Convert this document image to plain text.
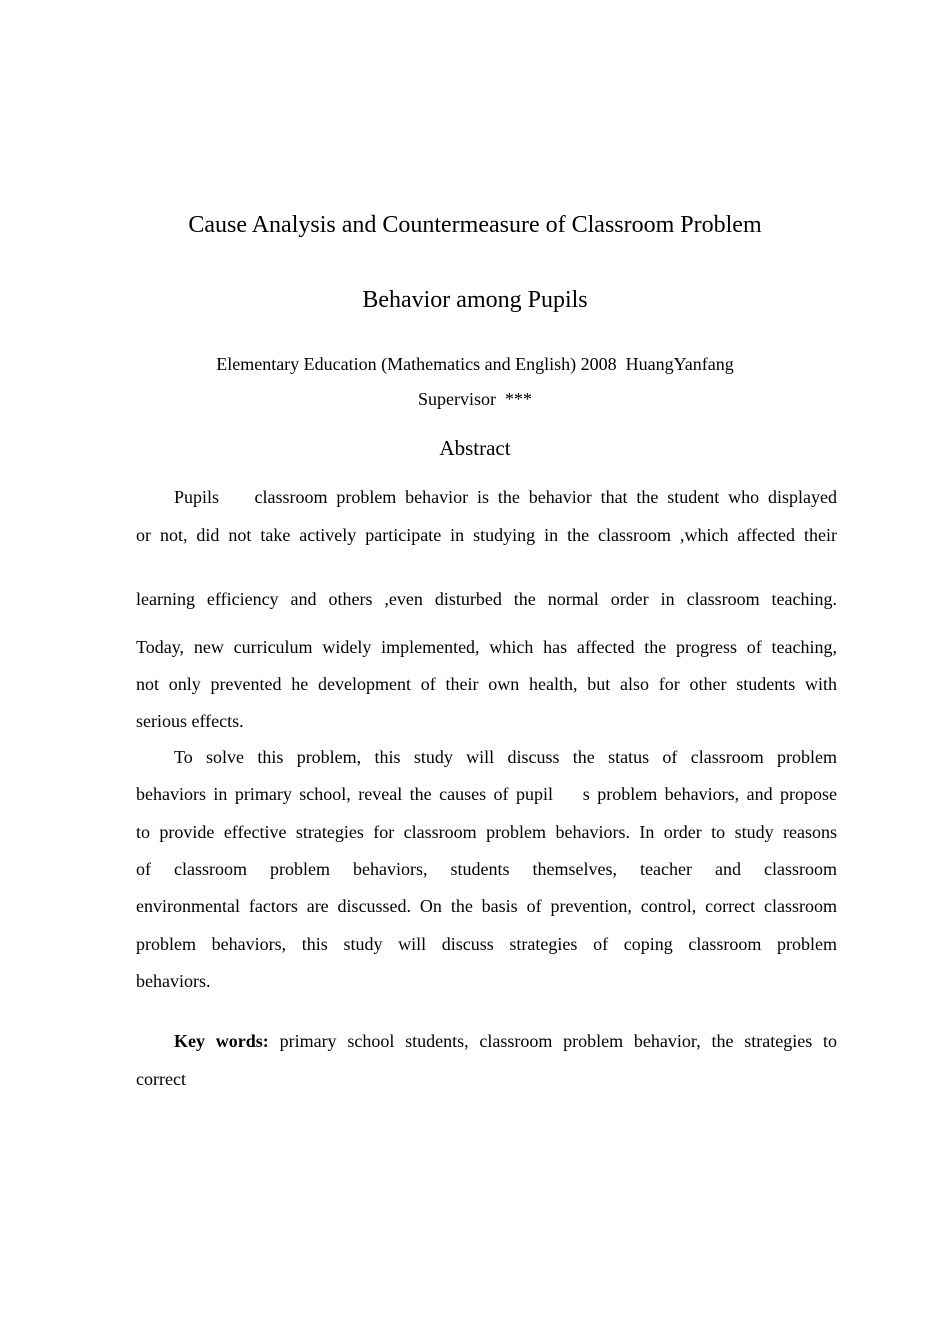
Cause Analysis and Countermeasure of Classroom Problem
Behavior among Pupils
Elementary Education (Mathematics and English) 2008  HuangYanfang
Supervisor  ***
Abstract
Pupils    classroom problem behavior is the behavior that the student who displayed
or not, did not take actively participate in studying in the classroom ,which affected their
learning efficiency and others ,even disturbed the normal order in classroom teaching.
Today, new curriculum widely implemented, which has affected the progress of teaching,
not only prevented he development of their own health, but also for other students with
serious effects.
To solve this problem, this study will discuss the status of classroom problem
behaviors in primary school, reveal the causes of pupil    s problem behaviors, and propose
to provide effective strategies for classroom problem behaviors. In order to study reasons
of classroom problem behaviors, students themselves, teacher and classroom
environmental factors are discussed. On the basis of prevention, control, correct classroom
problem behaviors, this study will discuss strategies of coping classroom problem
behaviors.
Key words: primary school students, classroom problem behavior, the strategies to
correct
